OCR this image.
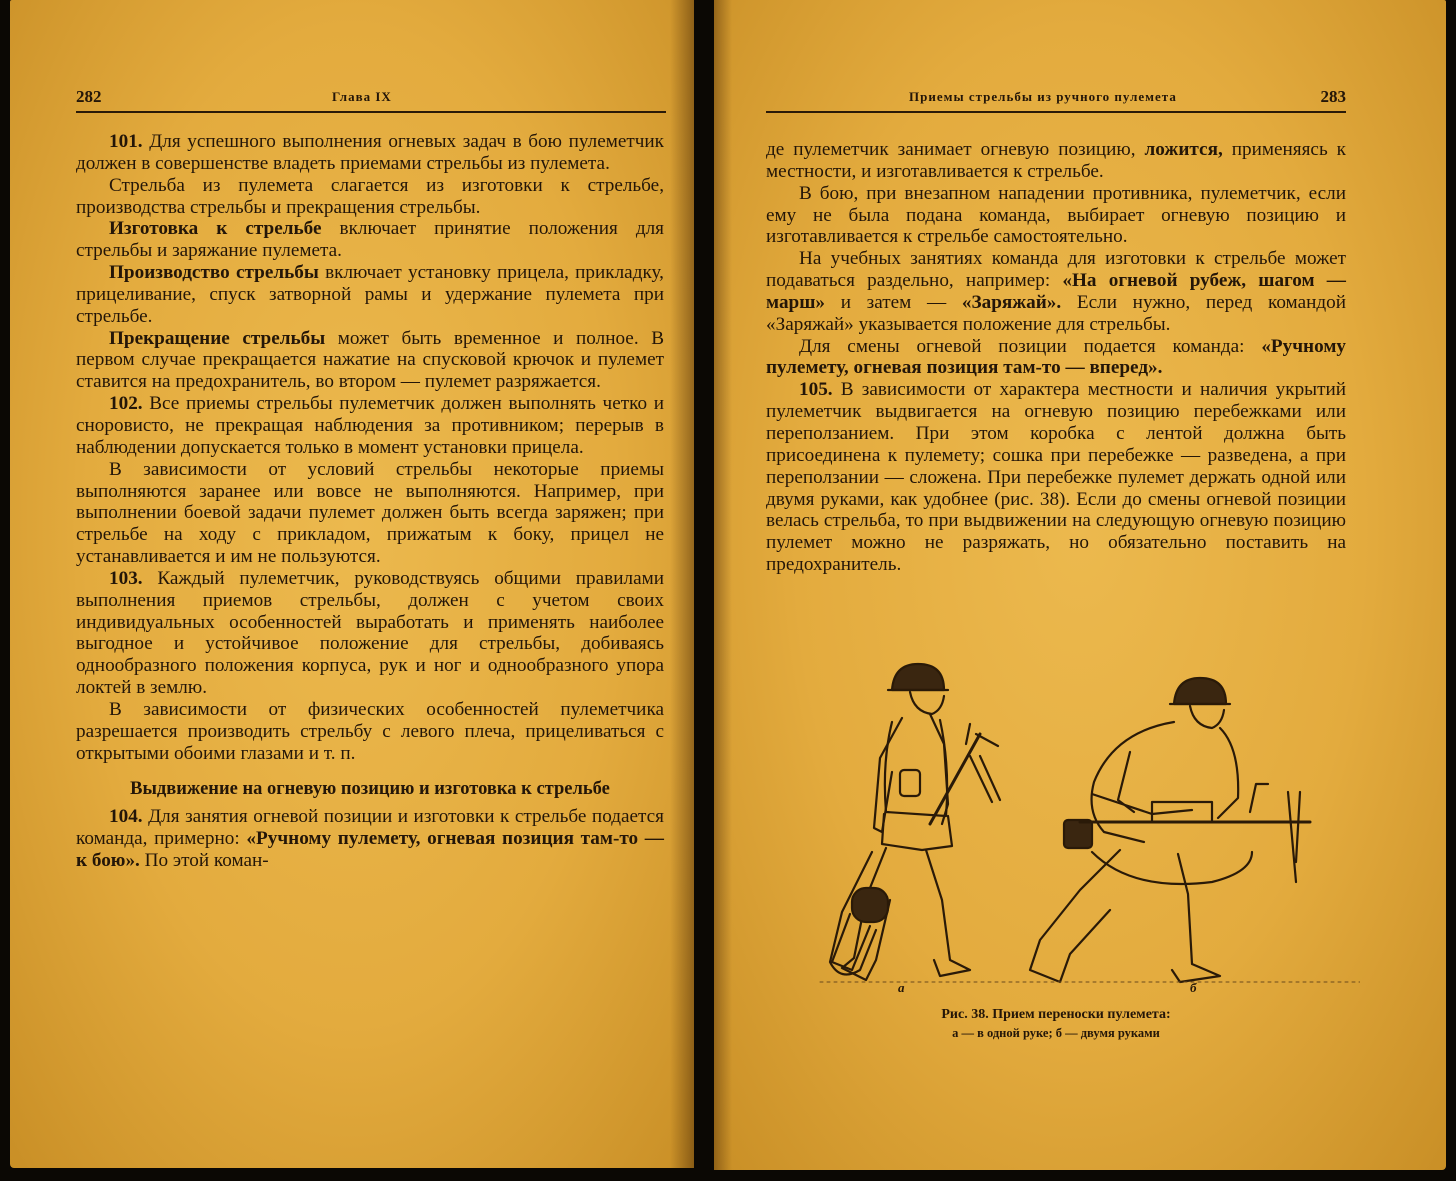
282	Глава IX

101. Для успешного выполнения огневых задач в бою пулеметчик должен в совершенстве владеть приемами стрельбы из пулемета.

Стрельба из пулемета слагается из изготовки к стрельбе, производства стрельбы и прекращения стрельбы.

Изготовка к стрельбе включает принятие положения для стрельбы и заряжание пулемета.

Производство стрельбы включает установку прицела, прикладку, прицеливание, спуск затворной рамы и удержание пулемета при стрельбе.

Прекращение стрельбы может быть временное и полное. В первом случае прекращается нажатие на спусковой крючок и пулемет ставится на предохранитель, во втором — пулемет разряжается.

102. Все приемы стрельбы пулеметчик должен выполнять четко и сноровисто, не прекращая наблюдения за противником; перерыв в наблюдении допускается только в момент установки прицела.

В зависимости от условий стрельбы некоторые приемы выполняются заранее или вовсе не выполняются. Например, при выполнении боевой задачи пулемет должен быть всегда заряжен; при стрельбе на ходу с прикладом, прижатым к боку, прицел не устанавливается и им не пользуются.

103. Каждый пулеметчик, руководствуясь общими правилами выполнения приемов стрельбы, должен с учетом своих индивидуальных особенностей выработать и применять наиболее выгодное и устойчивое положение для стрельбы, добиваясь однообразного положения корпуса, рук и ног и однообразного упора локтей в землю.

В зависимости от физических особенностей пулеметчика разрешается производить стрельбу с левого плеча, прицеливаться с открытыми обоими глазами и т. п.

Выдвижение на огневую позицию и изготовка к стрельбе

104. Для занятия огневой позиции и изготовки к стрельбе подается команда, примерно: «Ручному пулемету, огневая позиция там-то — к бою». По этой коман-

Приемы стрельбы из ручного пулемета	283

де пулеметчик занимает огневую позицию, ложится, применяясь к местности, и изготавливается к стрельбе.

В бою, при внезапном нападении противника, пулеметчик, если ему не была подана команда, выбирает огневую позицию и изготавливается к стрельбе самостоятельно.

На учебных занятиях команда для изготовки к стрельбе может подаваться раздельно, например: «На огневой рубеж, шагом — марш» и затем — «Заряжай». Если нужно, перед командой «Заряжай» указывается положение для стрельбы.

Для смены огневой позиции подается команда: «Ручному пулемету, огневая позиция там-то — вперед».

105. В зависимости от характера местности и наличия укрытий пулеметчик выдвигается на огневую позицию перебежками или переползанием. При этом коробка с лентой должна быть присоединена к пулемету; сошка при перебежке — разведена, а при переползании — сложена. При перебежке пулемет держать одной или двумя руками, как удобнее (рис. 38). Если до смены огневой позиции велась стрельба, то при выдвижении на следующую огневую позицию пулемет можно не разряжать, но обязательно поставить на предохранитель.

а	б
Рис. 38. Прием переноски пулемета:
а — в одной руке; б — двумя руками
